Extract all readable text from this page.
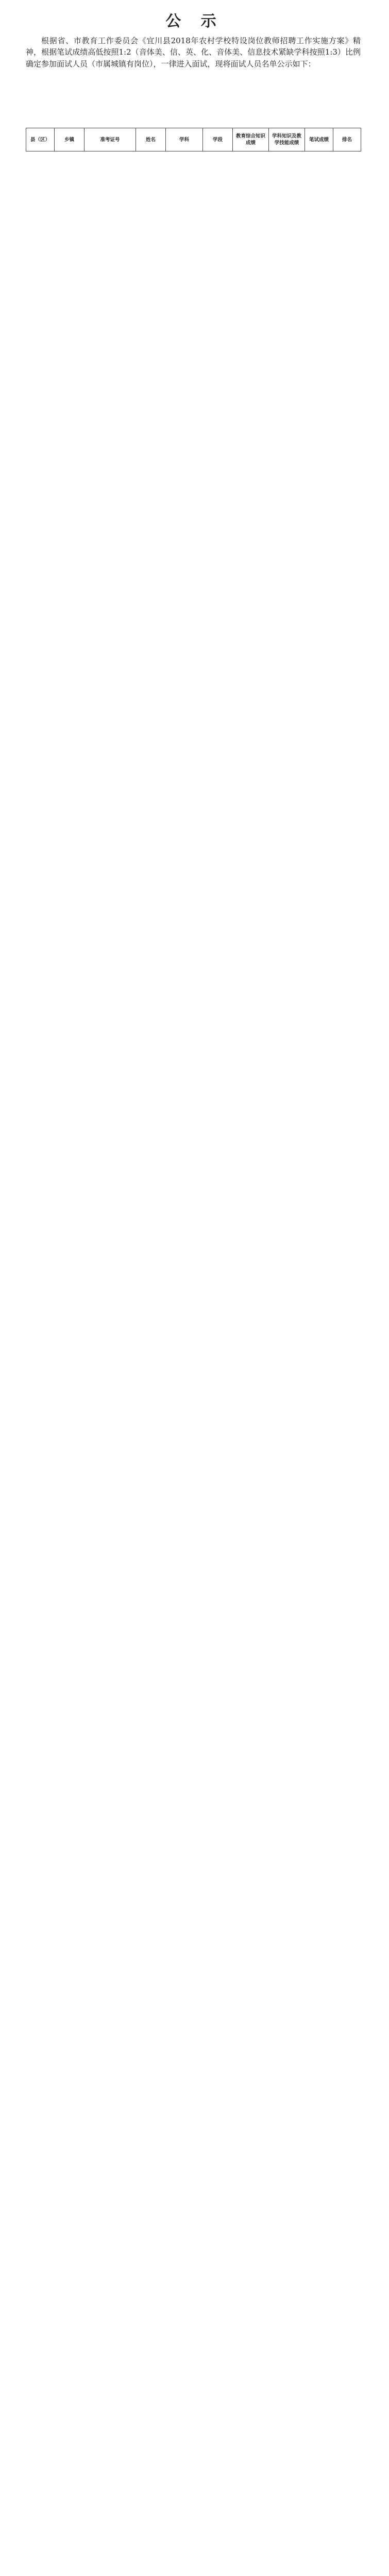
公 示
根据省、市教育工作委员会《宜川县2018年农村学校特设岗位教师招聘工作实施方案》精神，根据笔试成绩高低按照1:2（音体美、信、英、化、音体美、信息技术紧缺学科按照1:3）比例确定参加面试人员（市属城镇有岗位），一律进入面试，现将面试人员名单公示如下：
县（区）	乡镇	准考证号	姓名	学科	学段	教育综合知识成绩	学科知识及教学技能成绩	笔试成绩	排名
